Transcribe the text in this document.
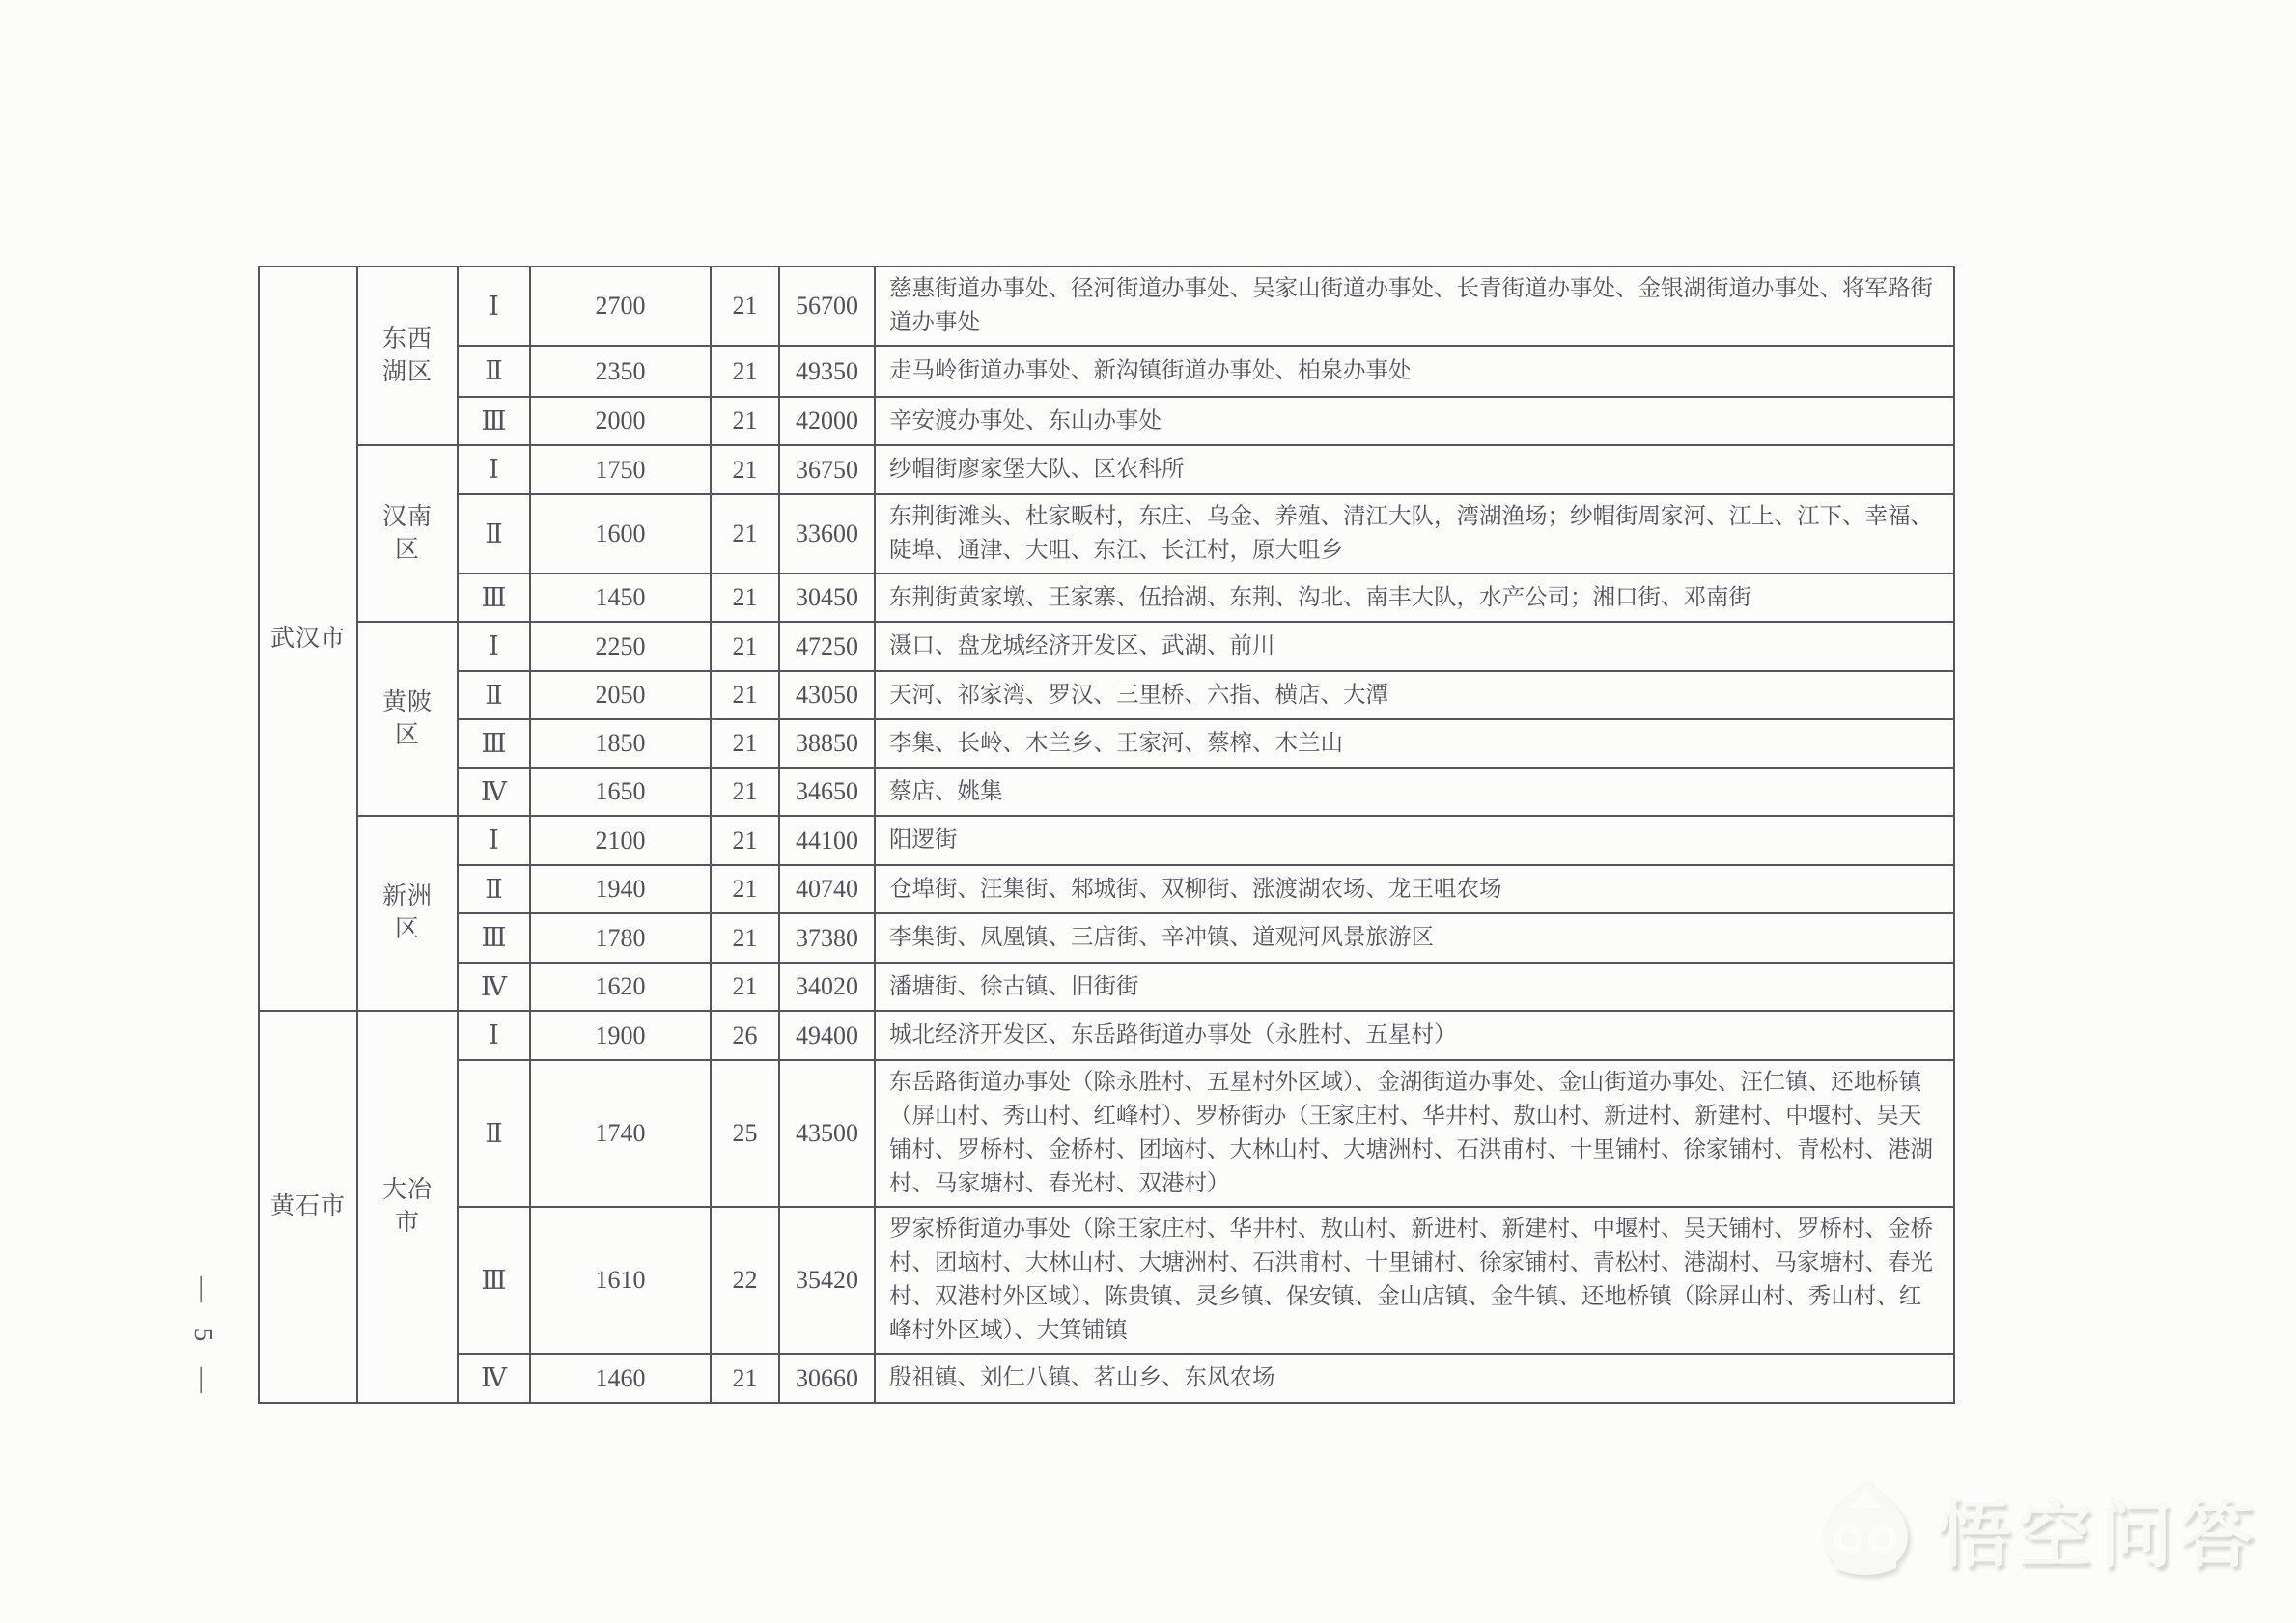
— 5 —
武汉市	东西湖区	Ⅰ	2700	21	56700	慈惠街道办事处、径河街道办事处、吴家山街道办事处、长青街道办事处、金银湖街道办事处、将军路街道办事处
		Ⅱ	2350	21	49350	走马岭街道办事处、新沟镇街道办事处、柏泉办事处
		Ⅲ	2000	21	42000	辛安渡办事处、东山办事处
	汉南区	Ⅰ	1750	21	36750	纱帽街廖家堡大队、区农科所
		Ⅱ	1600	21	33600	东荆街滩头、杜家畈村，东庄、乌金、养殖、清江大队，湾湖渔场；纱帽街周家河、江上、江下、幸福、陡埠、通津、大咀、东江、长江村，原大咀乡
		Ⅲ	1450	21	30450	东荆街黄家墩、王家寨、伍拾湖、东荆、沟北、南丰大队，水产公司；湘口街、邓南街
	黄陂区	Ⅰ	2250	21	47250	滠口、盘龙城经济开发区、武湖、前川
		Ⅱ	2050	21	43050	天河、祁家湾、罗汉、三里桥、六指、横店、大潭
		Ⅲ	1850	21	38850	李集、长岭、木兰乡、王家河、蔡榨、木兰山
		Ⅳ	1650	21	34650	蔡店、姚集
	新洲区	Ⅰ	2100	21	44100	阳逻街
		Ⅱ	1940	21	40740	仓埠街、汪集街、邾城街、双柳街、涨渡湖农场、龙王咀农场
		Ⅲ	1780	21	37380	李集街、凤凰镇、三店街、辛冲镇、道观河风景旅游区
		Ⅳ	1620	21	34020	潘塘街、徐古镇、旧街街
黄石市	大冶市	Ⅰ	1900	26	49400	城北经济开发区、东岳路街道办事处（永胜村、五星村）
		Ⅱ	1740	25	43500	东岳路街道办事处（除永胜村、五星村外区域）、金湖街道办事处、金山街道办事处、汪仁镇、还地桥镇（屏山村、秀山村、红峰村）、罗桥街办（王家庄村、华井村、敖山村、新进村、新建村、中堰村、吴天铺村、罗桥村、金桥村、团垴村、大林山村、大塘洲村、石洪甫村、十里铺村、徐家铺村、青松村、港湖村、马家塘村、春光村、双港村）
		Ⅲ	1610	22	35420	罗家桥街道办事处（除王家庄村、华井村、敖山村、新进村、新建村、中堰村、吴天铺村、罗桥村、金桥村、团垴村、大林山村、大塘洲村、石洪甫村、十里铺村、徐家铺村、青松村、港湖村、马家塘村、春光村、双港村外区域）、陈贵镇、灵乡镇、保安镇、金山店镇、金牛镇、还地桥镇（除屏山村、秀山村、红峰村外区域）、大箕铺镇
		Ⅳ	1460	21	30660	殷祖镇、刘仁八镇、茗山乡、东风农场
悟空问答
